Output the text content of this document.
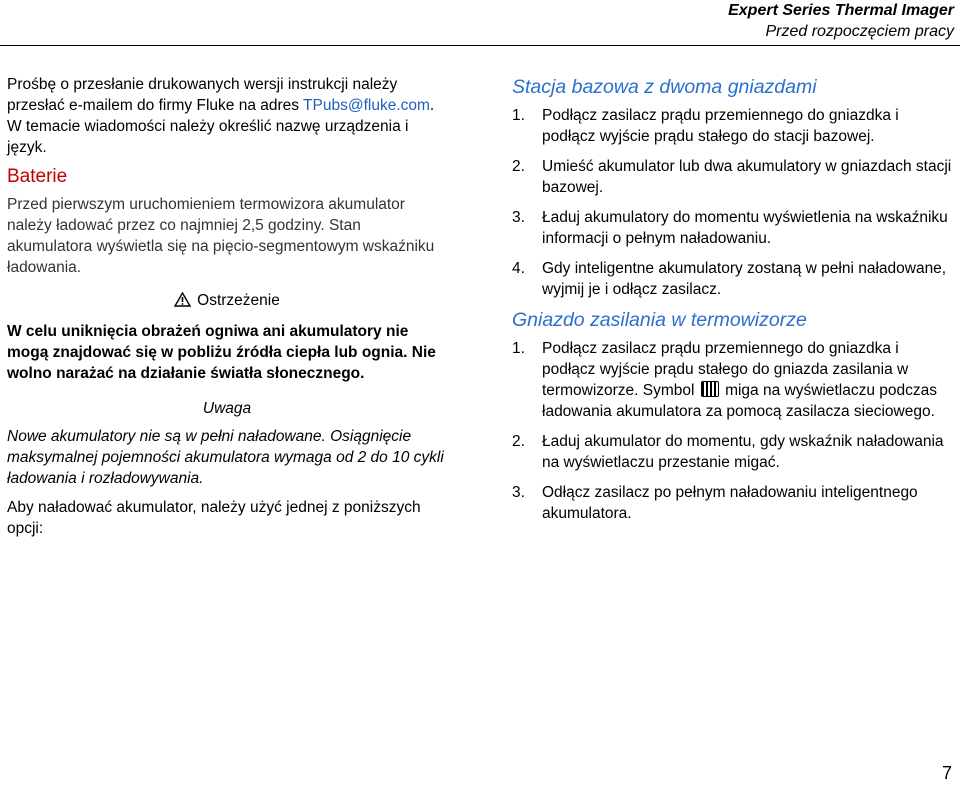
Expert Series Thermal Imager
Przed rozpoczęciem pracy

Prośbę o przesłanie drukowanych wersji instrukcji należy przesłać e-mailem do firmy Fluke na adres TPubs@fluke.com. W temacie wiadomości należy określić nazwę urządzenia i język.

Baterie

Przed pierwszym uruchomieniem termowizora akumulator należy ładować przez co najmniej 2,5 godziny. Stan akumulatora wyświetla się na pięcio-segmentowym wskaźniku ładowania.

Ostrzeżenie

W celu uniknięcia obrażeń ogniwa ani akumulatory nie mogą znajdować się w pobliżu źródła ciepła lub ognia. Nie wolno narażać na działanie światła słonecznego.

Uwaga

Nowe akumulatory nie są w pełni naładowane. Osiągnięcie maksymalnej pojemności akumulatora wymaga od 2 do 10 cykli ładowania i rozładowywania.

Aby naładować akumulator, należy użyć jednej z poniższych opcji:

Stacja bazowa z dwoma gniazdami
1.	Podłącz zasilacz prądu przemiennego do gniazdka i podłącz wyjście prądu stałego do stacji bazowej.
2.	Umieść akumulator lub dwa akumulatory w gniazdach stacji bazowej.
3.	Ładuj akumulatory do momentu wyświetlenia na wskaźniku informacji o pełnym naładowaniu.
4.	Gdy inteligentne akumulatory zostaną w pełni naładowane, wyjmij je i odłącz zasilacz.
Gniazdo zasilania w termowizorze
1.	Podłącz zasilacz prądu przemiennego do gniazdka i podłącz wyjście prądu stałego do gniazda zasilania w termowizorze. Symbol  miga na wyświetlaczu podczas ładowania akumulatora za pomocą zasilacza sieciowego.
2.	Ładuj akumulator do momentu, gdy wskaźnik naładowania na wyświetlaczu przestanie migać.
3.	Odłącz zasilacz po pełnym naładowaniu inteligentnego akumulatora.
7
